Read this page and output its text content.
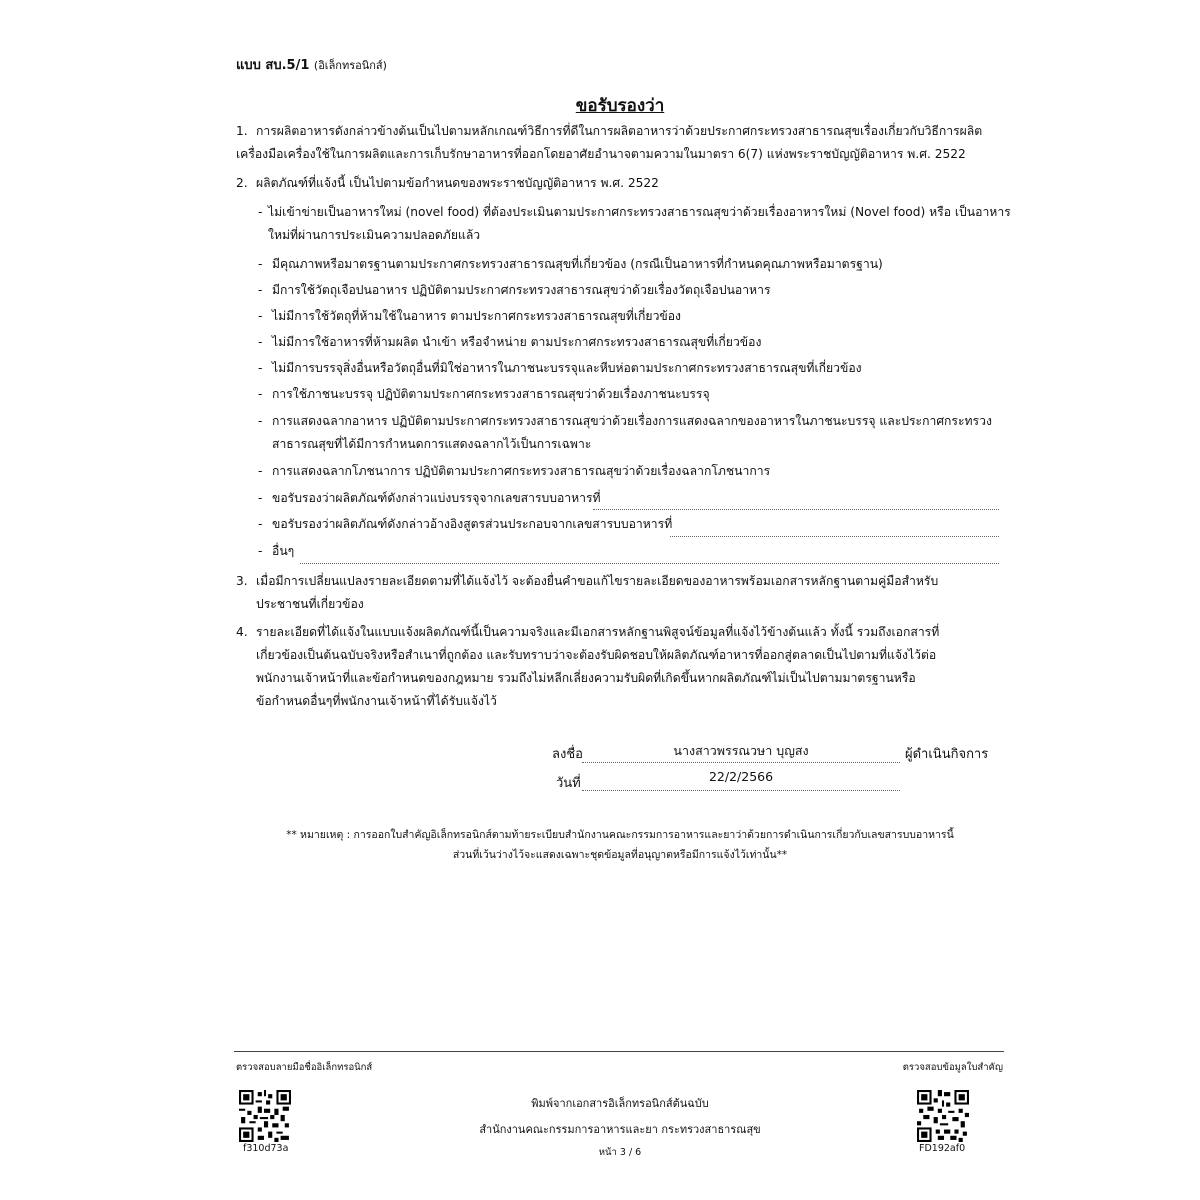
แบบ สบ.5/1 (อิเล็กทรอนิกส์)
ขอรับรองว่า
1. การผลิตอาหารดังกล่าวข้างต้นเป็นไปตามหลักเกณฑ์วิธีการที่ดีในการผลิตอาหารว่าด้วยประกาศกระทรวงสาธารณสุขเรื่องเกี่ยวกับวิธีการผลิต
เครื่องมือเครื่องใช้ในการผลิตและการเก็บรักษาอาหารที่ออกโดยอาศัยอำนาจตามความในมาตรา 6(7) แห่งพระราชบัญญัติอาหาร พ.ศ. 2522
2. ผลิตภัณฑ์ที่แจ้งนี้ เป็นไปตามข้อกำหนดของพระราชบัญญัติอาหาร พ.ศ. 2522
- ไม่เข้าข่ายเป็นอาหารใหม่ (novel food) ที่ต้องประเมินตามประกาศกระทรวงสาธารณสุขว่าด้วยเรื่องอาหารใหม่ (Novel food) หรือ เป็นอาหาร
ใหม่ที่ผ่านการประเมินความปลอดภัยแล้ว
- มีคุณภาพหรือมาตรฐานตามประกาศกระทรวงสาธารณสุขที่เกี่ยวข้อง (กรณีเป็นอาหารที่กำหนดคุณภาพหรือมาตรฐาน)
- มีการใช้วัตถุเจือปนอาหาร ปฏิบัติตามประกาศกระทรวงสาธารณสุขว่าด้วยเรื่องวัตถุเจือปนอาหาร
- ไม่มีการใช้วัตถุที่ห้ามใช้ในอาหาร ตามประกาศกระทรวงสาธารณสุขที่เกี่ยวข้อง
- ไม่มีการใช้อาหารที่ห้ามผลิต นำเข้า หรือจำหน่าย ตามประกาศกระทรวงสาธารณสุขที่เกี่ยวข้อง
- ไม่มีการบรรจุสิ่งอื่นหรือวัตถุอื่นที่มิใช่อาหารในภาชนะบรรจุและหีบห่อตามประกาศกระทรวงสาธารณสุขที่เกี่ยวข้อง
- การใช้ภาชนะบรรจุ ปฏิบัติตามประกาศกระทรวงสาธารณสุขว่าด้วยเรื่องภาชนะบรรจุ
- การแสดงฉลากอาหาร ปฏิบัติตามประกาศกระทรวงสาธารณสุขว่าด้วยเรื่องการแสดงฉลากของอาหารในภาชนะบรรจุ และประกาศกระทรวง
สาธารณสุขที่ได้มีการกำหนดการแสดงฉลากไว้เป็นการเฉพาะ
- การแสดงฉลากโภชนาการ ปฏิบัติตามประกาศกระทรวงสาธารณสุขว่าด้วยเรื่องฉลากโภชนาการ
- ขอรับรองว่าผลิตภัณฑ์ดังกล่าวแบ่งบรรจุจากเลขสารบบอาหารที่
- ขอรับรองว่าผลิตภัณฑ์ดังกล่าวอ้างอิงสูตรส่วนประกอบจากเลขสารบบอาหารที่
- อื่นๆ
3. เมื่อมีการเปลี่ยนแปลงรายละเอียดตามที่ได้แจ้งไว้ จะต้องยื่นคำขอแก้ไขรายละเอียดของอาหารพร้อมเอกสารหลักฐานตามคู่มือสำหรับ
ประชาชนที่เกี่ยวข้อง
4. รายละเอียดที่ได้แจ้งในแบบแจ้งผลิตภัณฑ์นี้เป็นความจริงและมีเอกสารหลักฐานพิสูจน์ข้อมูลที่แจ้งไว้ข้างต้นแล้ว ทั้งนี้ รวมถึงเอกสารที่
เกี่ยวข้องเป็นต้นฉบับจริงหรือสำเนาที่ถูกต้อง และรับทราบว่าจะต้องรับผิดชอบให้ผลิตภัณฑ์อาหารที่ออกสู่ตลาดเป็นไปตามที่แจ้งไว้ต่อ
พนักงานเจ้าหน้าที่และข้อกำหนดของกฎหมาย รวมถึงไม่หลีกเลี่ยงความรับผิดที่เกิดขึ้นหากผลิตภัณฑ์ไม่เป็นไปตามมาตรฐานหรือ
ข้อกำหนดอื่นๆที่พนักงานเจ้าหน้าที่ได้รับแจ้งไว้
ลงชื่อ	นางสาวพรรณวษา บุญสง	ผู้ดำเนินกิจการ
วันที่	22/2/2566
** หมายเหตุ : การออกใบสำคัญอิเล็กทรอนิกส์ตามท้ายระเบียบสำนักงานคณะกรรมการอาหารและยาว่าด้วยการดำเนินการเกี่ยวกับเลขสารบบอาหารนี้
ส่วนที่เว้นว่างไว้จะแสดงเฉพาะชุดข้อมูลที่อนุญาตหรือมีการแจ้งไว้เท่านั้น**
ตรวจสอบลายมือชื่ออิเล็กทรอนิกส์	ตรวจสอบข้อมูลใบสำคัญ
f310d73a	FD192af0
พิมพ์จากเอกสารอิเล็กทรอนิกส์ต้นฉบับ
สำนักงานคณะกรรมการอาหารและยา กระทรวงสาธารณสุข
หน้า 3 / 6
